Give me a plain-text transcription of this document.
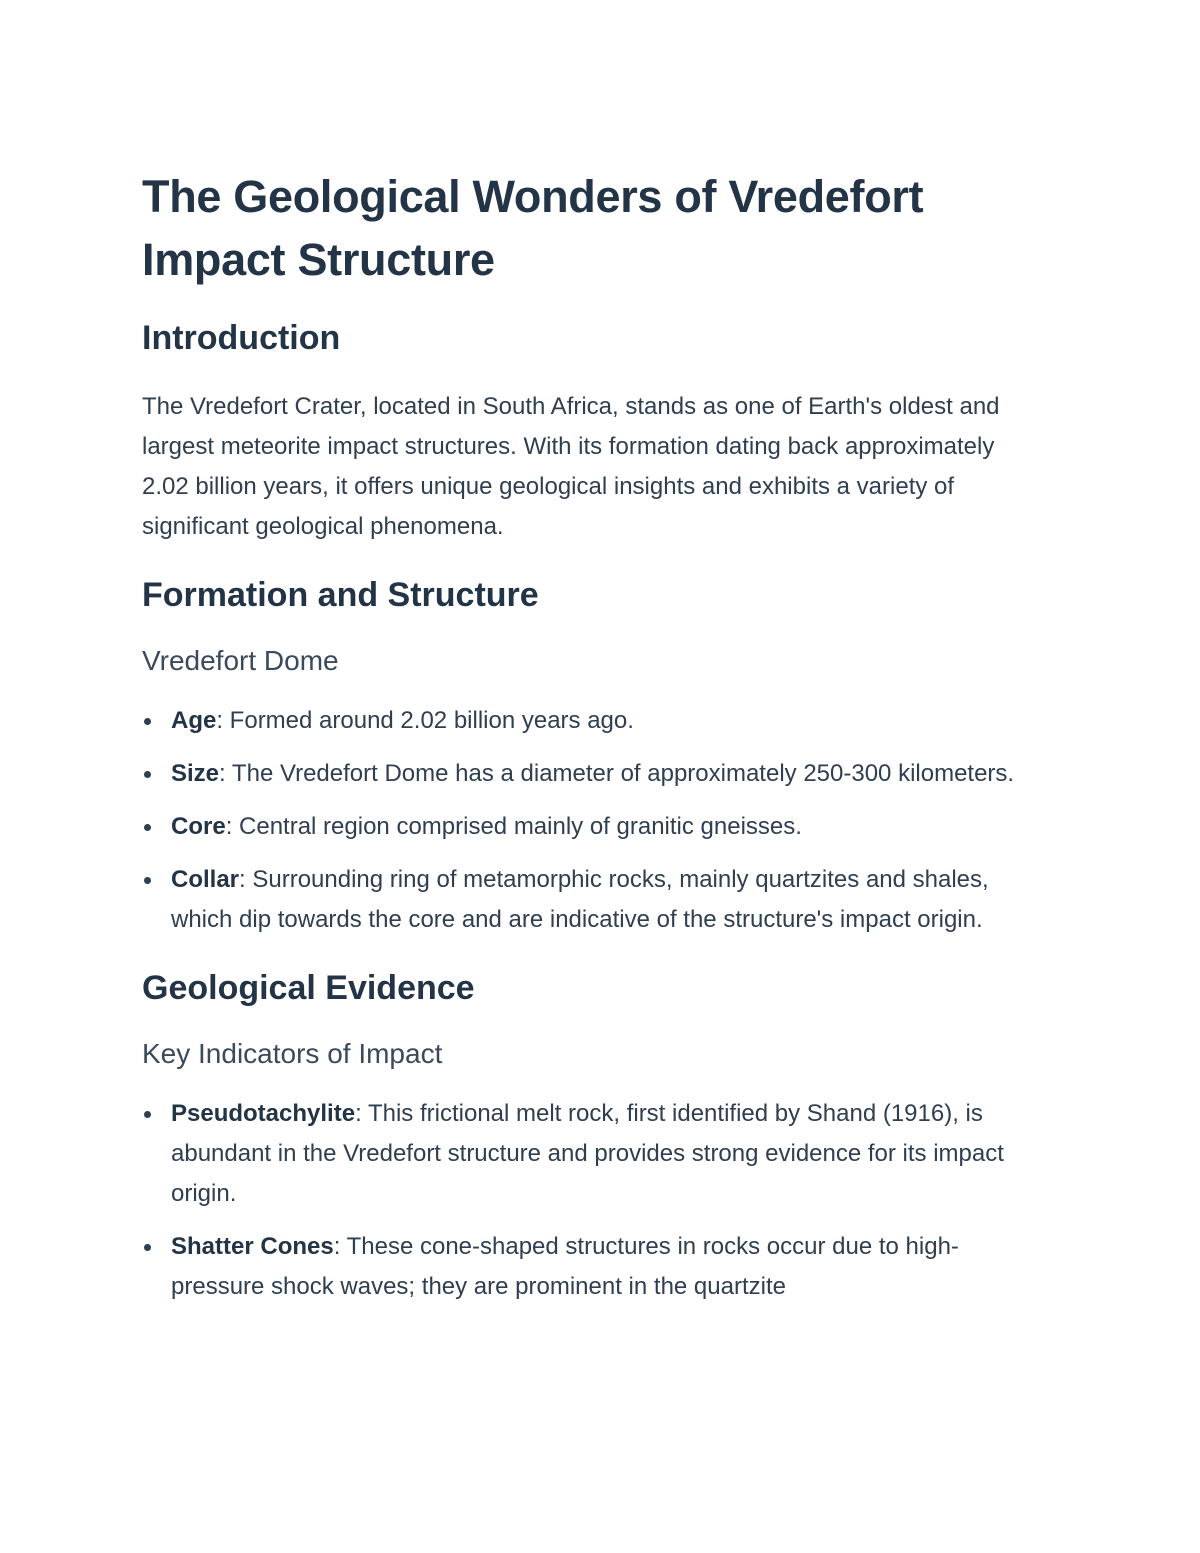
The Geological Wonders of Vredefort Impact Structure
Introduction

The Vredefort Crater, located in South Africa, stands as one of Earth's oldest and largest meteorite impact structures. With its formation dating back approximately 2.02 billion years, it offers unique geological insights and exhibits a variety of significant geological phenomena.

Formation and Structure
Vredefort Dome
Age: Formed around 2.02 billion years ago.
Size: The Vredefort Dome has a diameter of approximately 250-300 kilometers.
Core: Central region comprised mainly of granitic gneisses.
Collar: Surrounding ring of metamorphic rocks, mainly quartzites and shales, which dip towards the core and are indicative of the structure's impact origin.
Geological Evidence
Key Indicators of Impact
Pseudotachylite: This frictional melt rock, first identified by Shand (1916), is abundant in the Vredefort structure and provides strong evidence for its impact origin.
Shatter Cones: These cone-shaped structures in rocks occur due to high-pressure shock waves; they are prominent in the quartzite
